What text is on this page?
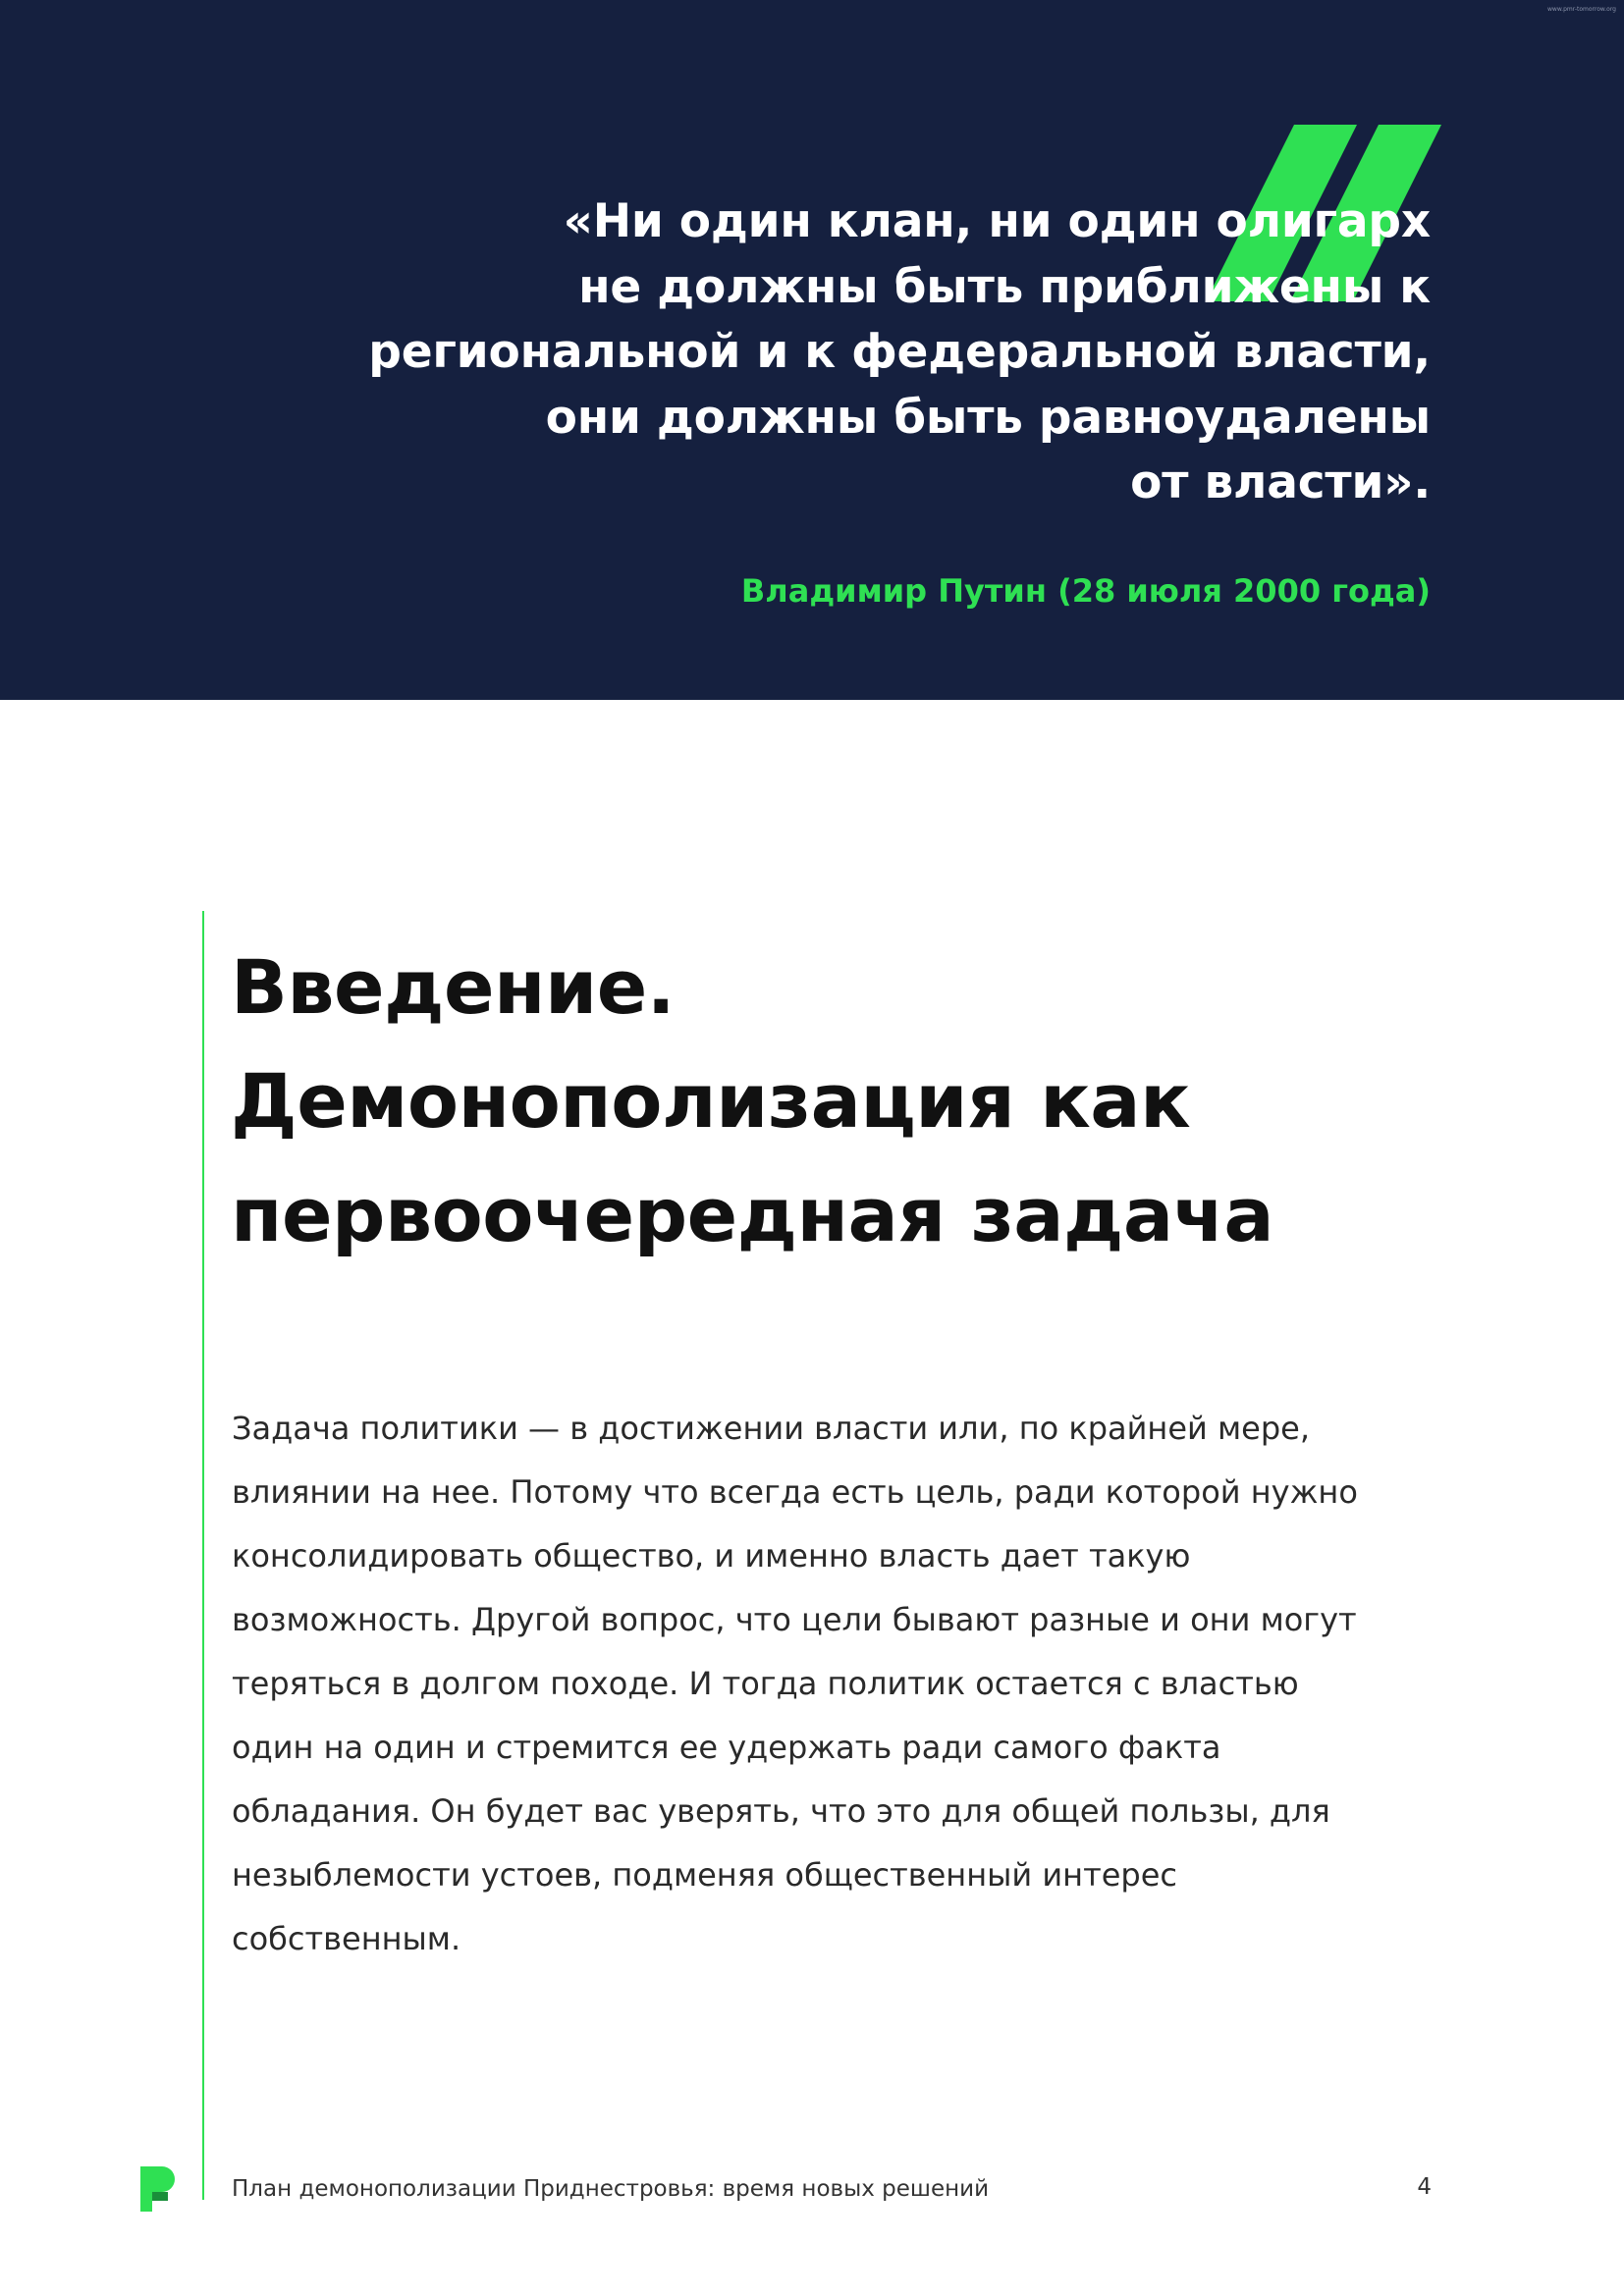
«Ни один клан, ни один олигарх
не должны быть приближены к
региональной и к федеральной власти,
они должны быть равноудалены
от власти».
Владимир Путин (28 июля 2000 года)
www.pmr-tomorrow.org
Введение.
Демонополизация как
первоочередная задача
Задача политики — в достижении власти или, по крайней мере,
влиянии на нее. Потому что всегда есть цель, ради которой нужно
консолидировать общество, и именно власть дает такую
возможность. Другой вопрос, что цели бывают разные и они могут
теряться в долгом походе. И тогда политик остается с властью
один на один и стремится ее удержать ради самого факта
обладания. Он будет вас уверять, что это для общей пользы, для
незыблемости устоев, подменяя общественный интерес
собственным.
План демонополизации Приднестровья: время новых решений	4
